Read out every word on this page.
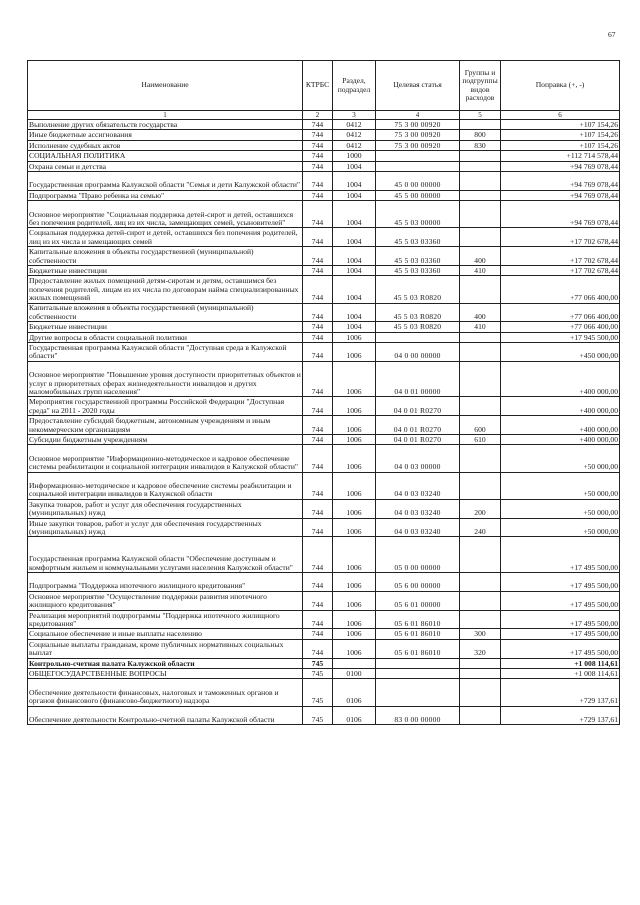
67
Наименование	КТРБС	Раздел, подраздел	Целевая статья	Группы и подгруппы видов расходов	Поправка (+, -)
1	2	3	4	5	6
Выполнение других обязательств государства	744	0412	75 3 00 00920		+107 154,26
Иные бюджетные ассигнования	744	0412	75 3 00 00920	800	+107 154,26
Исполнение судебных актов	744	0412	75 3 00 00920	830	+107 154,26
СОЦИАЛЬНАЯ ПОЛИТИКА	744	1000			+112 714 578,44
Охрана семьи и детства	744	1004			+94 769 078,44
Государственная программа Калужской области "Семья и дети Калужской области"	744	1004	45 0 00 00000		+94 769 078,44
Подпрограмма "Право ребенка на семью"	744	1004	45 5 00 00000		+94 769 078,44
Основное мероприятие "Социальная поддержка детей-сирот и детей, оставшихся без попечения родителей, лиц из их числа, замещающих семей, усыновителей"	744	1004	45 5 03 00000		+94 769 078,44
Социальная поддержка детей-сирот и детей, оставшихся без попечения родителей, лиц из их числа и замещающих семей	744	1004	45 5 03 03360		+17 702 678,44
Капитальные вложения в объекты государственной (муниципальной) собственности	744	1004	45 5 03 03360	400	+17 702 678,44
Бюджетные инвестиции	744	1004	45 5 03 03360	410	+17 702 678,44
Предоставление жилых помещений детям-сиротам и детям, оставшимся без попечения родителей, лицам из их числа по договорам найма специализированных жилых помещений	744	1004	45 5 03 R0820		+77 066 400,00
Капитальные вложения в объекты государственной (муниципальной) собственности	744	1004	45 5 03 R0820	400	+77 066 400,00
Бюджетные инвестиции	744	1004	45 5 03 R0820	410	+77 066 400,00
Другие вопросы в области социальной политики	744	1006			+17 945 500,00
Государственная программа Калужской области "Доступная среда в Калужской области"	744	1006	04 0 00 00000		+450 000,00
Основное мероприятие "Повышение уровня доступности приоритетных объектов и услуг в приоритетных сферах жизнедеятельности инвалидов и других маломобильных групп населения"	744	1006	04 0 01 00000		+400 000,00
Мероприятия государственной программы Российской Федерации "Доступная среда" на 2011 - 2020 годы	744	1006	04 0 01 R0270		+400 000,00
Предоставление субсидий бюджетным, автономным учреждениям и иным некоммерческим организациям	744	1006	04 0 01 R0270	600	+400 000,00
Субсидии бюджетным учреждениям	744	1006	04 0 01 R0270	610	+400 000,00
Основное мероприятие "Информационно-методическое и кадровое обеспечение системы реабилитации и социальной интеграции инвалидов в Калужской области"	744	1006	04 0 03 00000		+50 000,00
Информационно-методическое и кадровое обеспечение системы реабилитации и социальной интеграции инвалидов в Калужской области	744	1006	04 0 03 03240		+50 000,00
Закупка товаров, работ и услуг для обеспечения государственных (муниципальных) нужд	744	1006	04 0 03 03240	200	+50 000,00
Иные закупки товаров, работ и услуг для обеспечения государственных (муниципальных) нужд	744	1006	04 0 03 03240	240	+50 000,00
Государственная программа Калужской области "Обеспечение доступным и комфортным жильем и коммунальными услугами населения Калужской области"	744	1006	05 0 00 00000		+17 495 500,00
Подпрограмма "Поддержка ипотечного жилищного кредитования"	744	1006	05 6 00 00000		+17 495 500,00
Основное мероприятие "Осуществление поддержки развития ипотечного жилищного кредитования"	744	1006	05 6 01 00000		+17 495 500,00
Реализация мероприятий подпрограммы "Поддержка ипотечного жилищного кредитования"	744	1006	05 6 01 86010		+17 495 500,00
Социальное обеспечение и иные выплаты населению	744	1006	05 6 01 86010	300	+17 495 500,00
Социальные выплаты гражданам, кроме публичных нормативных социальных выплат	744	1006	05 6 01 86010	320	+17 495 500,00
Контрольно-счетная палата Калужской области	745				+1 008 114,61
ОБЩЕГОСУДАРСТВЕННЫЕ ВОПРОСЫ	745	0100			+1 008 114,61
Обеспечение деятельности финансовых, налоговых и таможенных органов и органов финансового (финансово-бюджетного) надзора	745	0106			+729 137,61
Обеспечение деятельности Контрольно-счетной палаты Калужской области	745	0106	83 0 00 00000		+729 137,61
